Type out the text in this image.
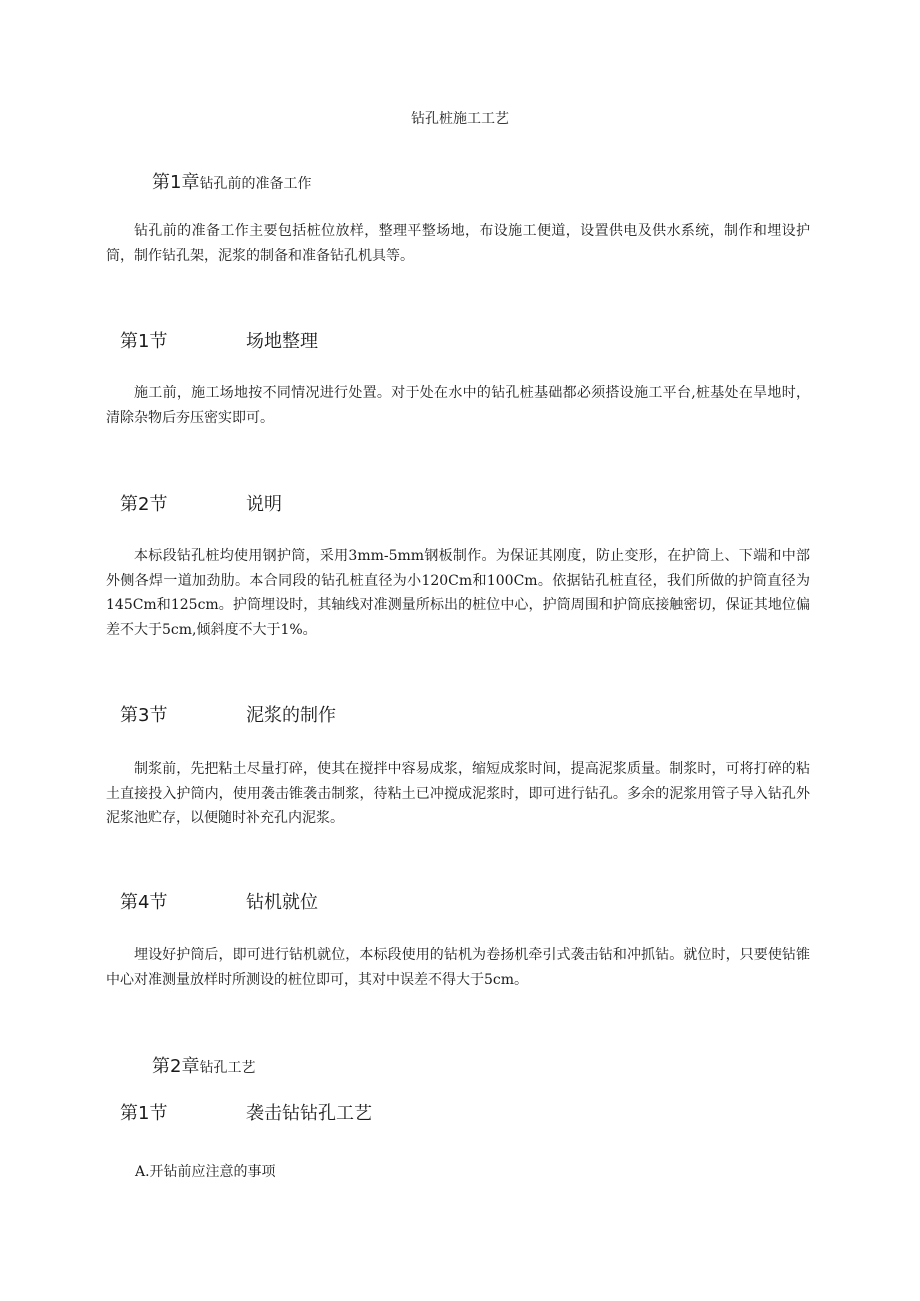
钻孔桩施工工艺
第1章钻孔前的准备工作

钻孔前的准备工作主要包括桩位放样，整理平整场地，布设施工便道，设置供电及供水系统，制作和埋设护筒，制作钻孔架，泥浆的制备和准备钻孔机具等。

第1节	场地整理

施工前，施工场地按不同情况进行处置。对于处在水中的钻孔桩基础都必须搭设施工平台,桩基处在旱地时，清除杂物后夯压密实即可。

第2节	说明

本标段钻孔桩均使用钢护筒，采用3mm-5mm钢板制作。为保证其刚度，防止变形，在护筒上、下端和中部外侧各焊一道加劲肋。本合同段的钻孔桩直径为小120Cm和100Cm。依据钻孔桩直径，我们所做的护筒直径为145Cm和125cm。护筒埋设时，其轴线对准测量所标出的桩位中心，护筒周围和护筒底接触密切，保证其地位偏差不大于5cm,倾斜度不大于1%。

第3节	泥浆的制作

制浆前，先把粘土尽量打碎，使其在搅拌中容易成浆，缩短成浆时间，提高泥浆质量。制浆时，可将打碎的粘土直接投入护筒内，使用袭击锥袭击制浆，待粘土已冲搅成泥浆时，即可进行钻孔。多余的泥浆用管子导入钻孔外泥浆池贮存，以便随时补充孔内泥浆。

第4节	钻机就位

埋设好护筒后，即可进行钻机就位，本标段使用的钻机为卷扬机牵引式袭击钻和冲抓钻。就位时，只要使钻锥中心对准测量放样时所测设的桩位即可，其对中误差不得大于5cm。

第2章钻孔工艺
第1节	袭击钻钻孔工艺

A.开钻前应注意的事项
